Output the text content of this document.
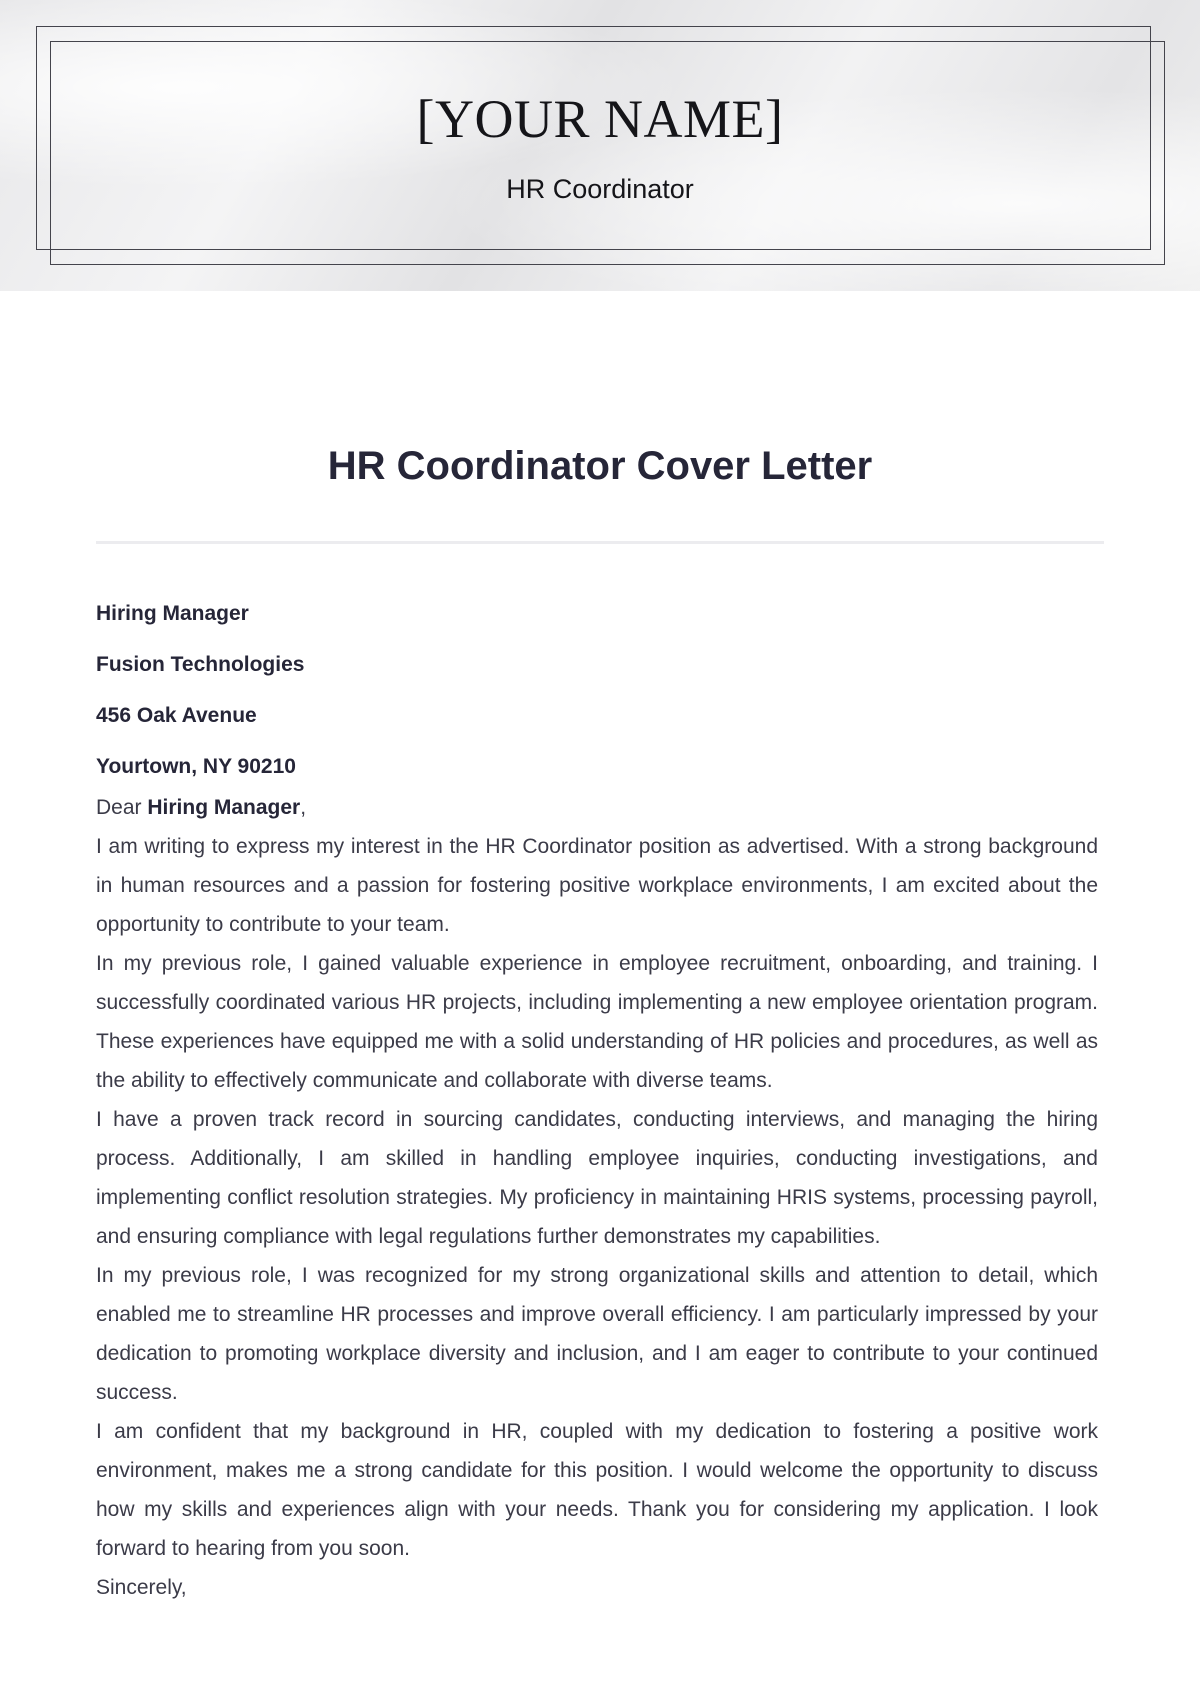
[YOUR NAME]
HR Coordinator
HR Coordinator Cover Letter
Hiring Manager
Fusion Technologies
456 Oak Avenue
Yourtown, NY 90210

Dear Hiring Manager,

I am writing to express my interest in the HR Coordinator position as advertised. With a strong background in human resources and a passion for fostering positive workplace environments, I am excited about the opportunity to contribute to your team.

In my previous role, I gained valuable experience in employee recruitment, onboarding, and training. I successfully coordinated various HR projects, including implementing a new employee orientation program. These experiences have equipped me with a solid understanding of HR policies and procedures, as well as the ability to effectively communicate and collaborate with diverse teams.

I have a proven track record in sourcing candidates, conducting interviews, and managing the hiring process. Additionally, I am skilled in handling employee inquiries, conducting investigations, and implementing conflict resolution strategies. My proficiency in maintaining HRIS systems, processing payroll, and ensuring compliance with legal regulations further demonstrates my capabilities.

In my previous role, I was recognized for my strong organizational skills and attention to detail, which enabled me to streamline HR processes and improve overall efficiency. I am particularly impressed by your dedication to promoting workplace diversity and inclusion, and I am eager to contribute to your continued success.

I am confident that my background in HR, coupled with my dedication to fostering a positive work environment, makes me a strong candidate for this position. I would welcome the opportunity to discuss how my skills and experiences align with your needs. Thank you for considering my application. I look forward to hearing from you soon.

Sincerely,
